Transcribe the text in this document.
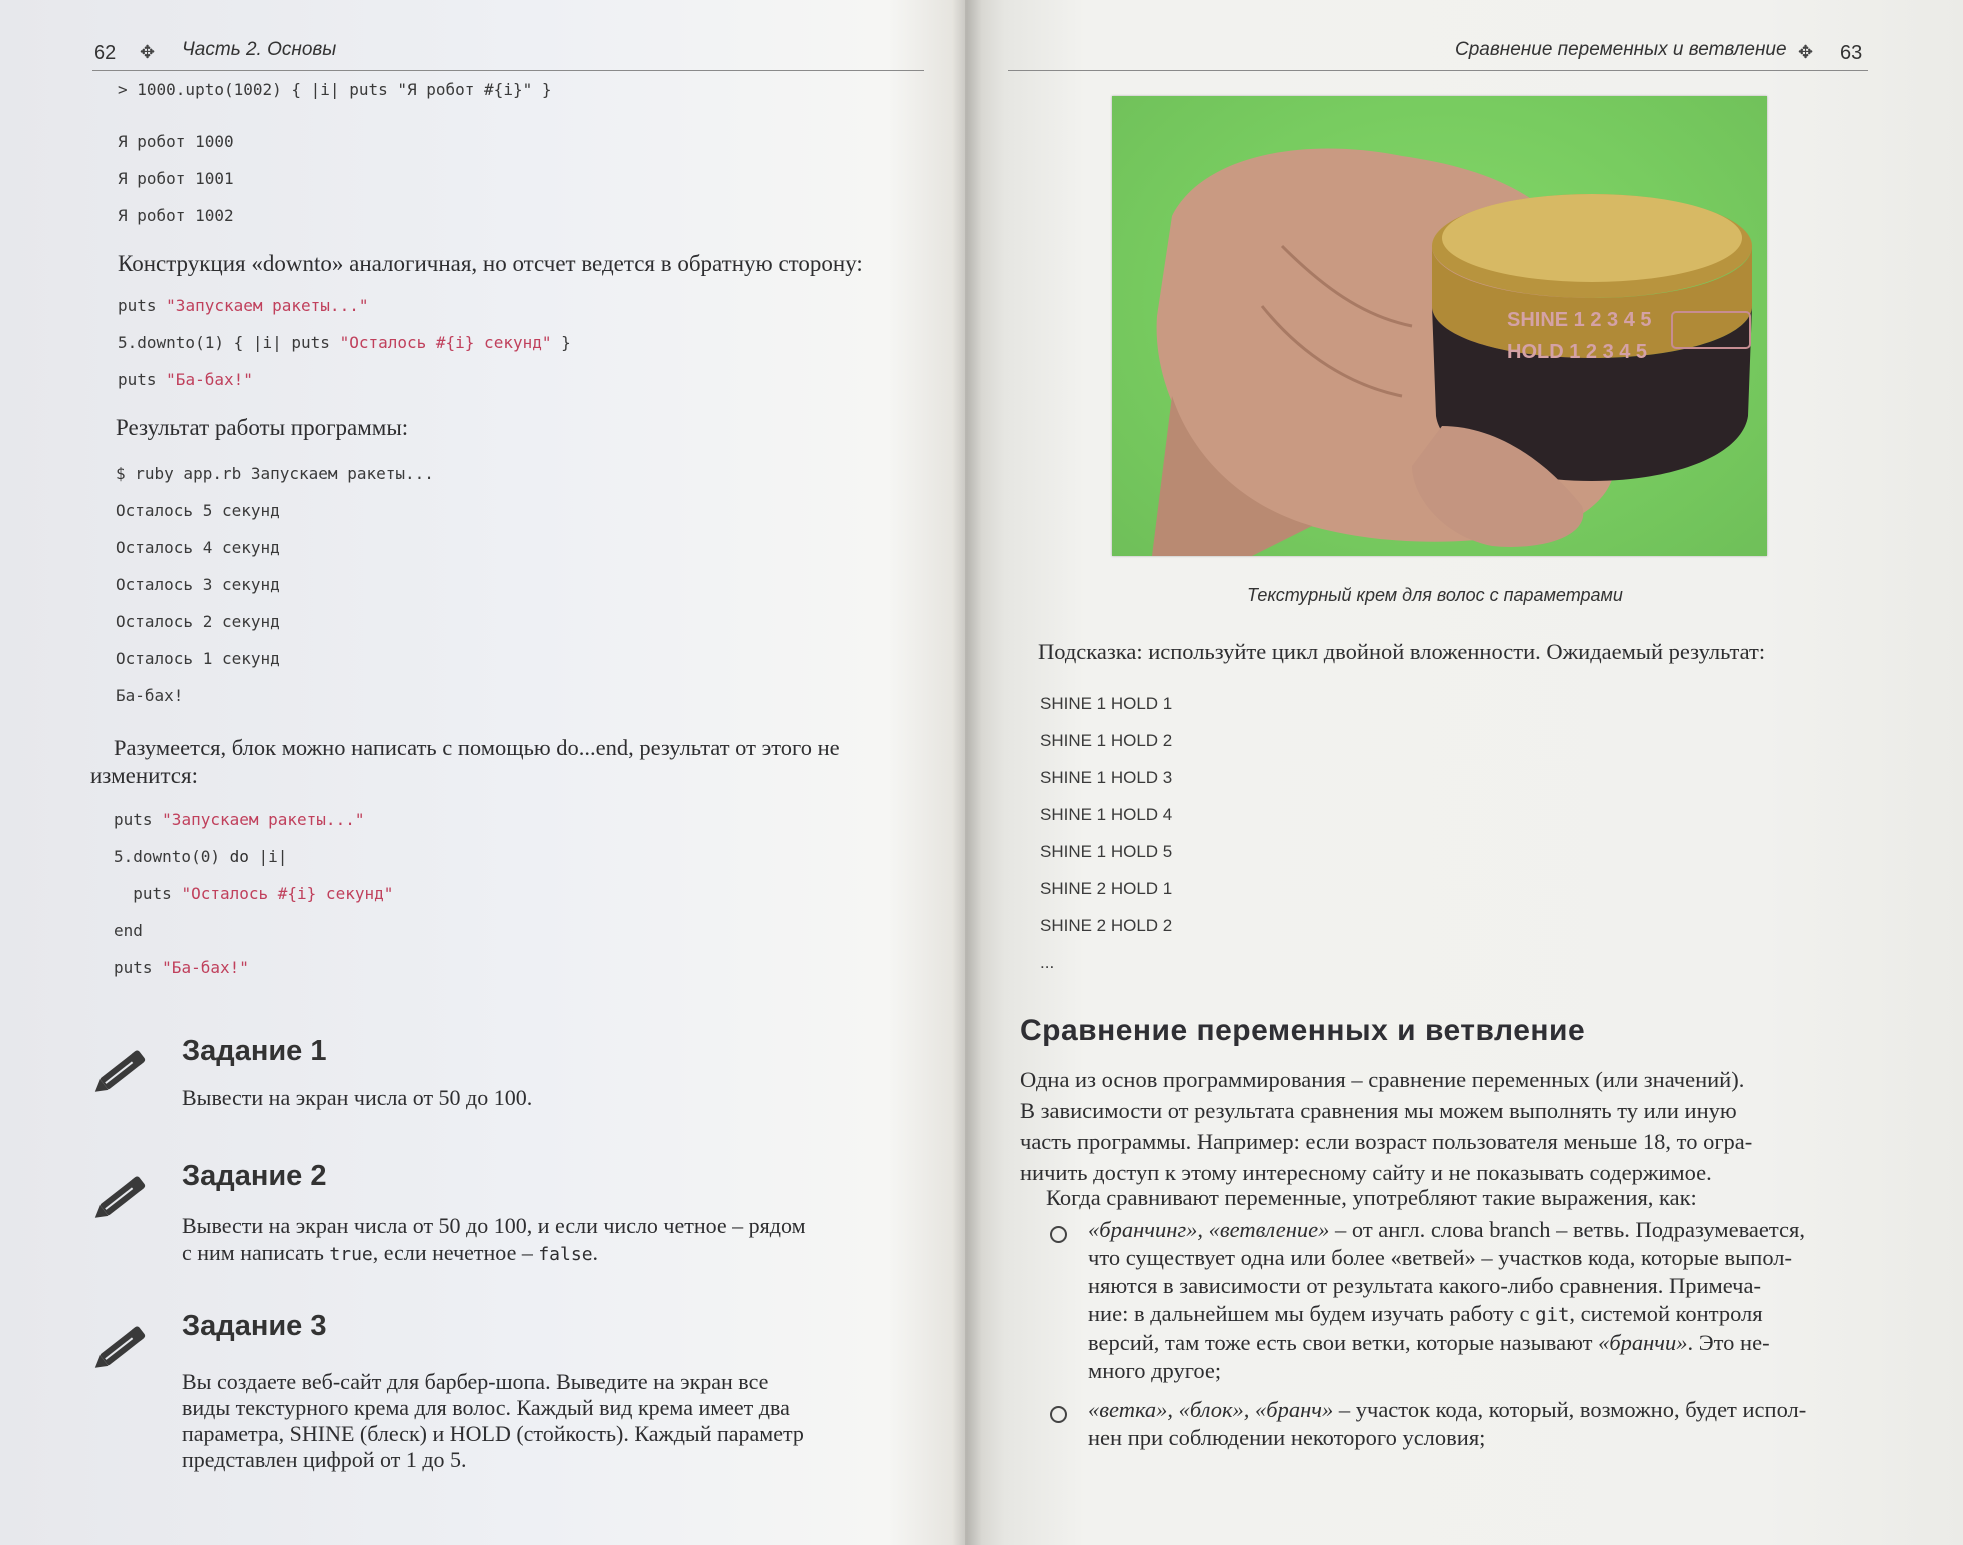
62 ✥ Часть 2. Основы
> 1000.upto(1002) { |i| puts "Я робот #{i}" }
Я робот 1000
Я робот 1001
Я робот 1002
Конструкция «downto» аналогичная, но отсчет ведется в обратную сторону:
puts "Запускаем ракеты..."
5.downto(1) { |i| puts "Осталось #{i} секунд" }
puts "Ба-бах!"
Результат работы программы:
$ ruby app.rb Запускаем ракеты...
Осталось 5 секунд
Осталось 4 секунд
Осталось 3 секунд
Осталось 2 секунд
Осталось 1 секунд
Ба-бах!
Разумеется, блок можно написать с помощью do...end, результат от этого не
изменится:
puts "Запускаем ракеты..."
5.downto(0) do |i|
puts "Осталось #{i} секунд"
end
puts "Ба-бах!"
Задание 1
Вывести на экран числа от 50 до 100.
Задание 2
Вывести на экран числа от 50 до 100, и если число четное – рядом
с ним написать true, если нечетное – false.
Задание 3
Вы создаете веб-сайт для барбер-шопа. Выведите на экран все
виды текстурного крема для волос. Каждый вид крема имеет два
параметра, SHINE (блеск) и HOLD (стойкость). Каждый параметр
представлен цифрой от 1 до 5.
Сравнение переменных и ветвление ✥ 63
SHINE 1 2 3 4 5
HOLD 1 2 3 4 5
Текстурный крем для волос с параметрами
Подсказка: используйте цикл двойной вложенности. Ожидаемый результат:
SHINE 1 HOLD 1
SHINE 1 HOLD 2
SHINE 1 HOLD 3
SHINE 1 HOLD 4
SHINE 1 HOLD 5
SHINE 2 HOLD 1
SHINE 2 HOLD 2
...
Сравнение переменных и ветвление
Одна из основ программирования – сравнение переменных (или значений).
В зависимости от результата сравнения мы можем выполнять ту или иную
часть программы. Например: если возраст пользователя меньше 18, то огра-
ничить доступ к этому интересному сайту и не показывать содержимое.
Когда сравнивают переменные, употребляют такие выражения, как:
«бранчинг», «ветвление» – от англ. слова branch – ветвь. Подразумевается,
что существует одна или более «ветвей» – участков кода, которые выпол-
няются в зависимости от результата какого-либо сравнения. Примеча-
ние: в дальнейшем мы будем изучать работу с git, системой контроля
версий, там тоже есть свои ветки, которые называют «бранчи». Это не-
много другое;
«ветка», «блок», «бранч» – участок кода, который, возможно, будет испол-
нен при соблюдении некоторого условия;
